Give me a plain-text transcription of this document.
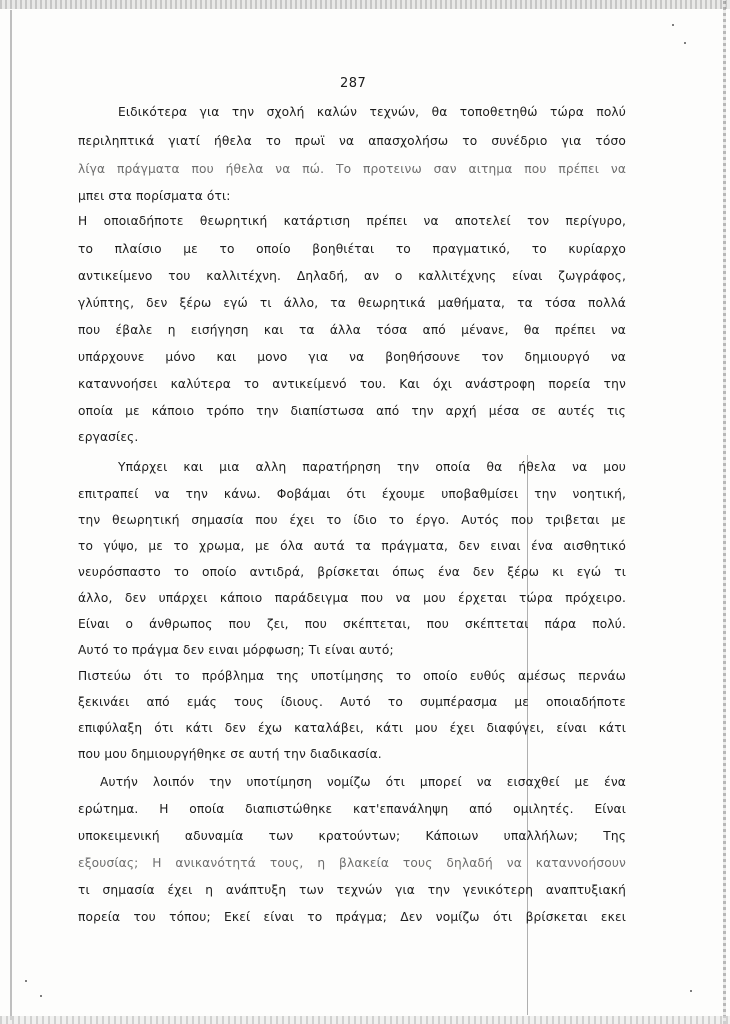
287
Ειδικότερα για την σχολή καλών τεχνών, θα τοποθετηθώ τώρα πολύ
περιληπτικά γιατί ήθελα το πρωϊ να απασχολήσω το συνέδριο για τόσο
λίγα πράγματα που ήθελα να πώ. Το προτεινω σαν αιτημα που πρέπει να
μπει στα πορίσματα ότι:
Η οποιαδήποτε θεωρητική κατάρτιση πρέπει να αποτελεί τον περίγυρο,
το πλαίσιο με το οποίο βοηθιέται το πραγματικό, το κυρίαρχο
αντικείμενο του καλλιτέχνη. Δηλαδή, αν ο καλλιτέχνης είναι ζωγράφος,
γλύπτης, δεν ξέρω εγώ τι άλλο, τα θεωρητικά μαθήματα, τα τόσα πολλά
που έβαλε η εισήγηση και τα άλλα τόσα από μένανε, θα πρέπει να
υπάρχουνε μόνο και μονο για να βοηθήσουνε τον δημιουργό να
καταννοήσει καλύτερα το αντικείμενό του. Και όχι ανάστροφη πορεία την
οποία με κάποιο τρόπο την διαπίστωσα από την αρχή μέσα σε αυτές τις
εργασίες.
Υπάρχει και μια αλλη παρατήρηση την οποία θα ήθελα να μου
επιτραπεί να την κάνω. Φοβάμαι ότι έχουμε υποβαθμίσει την νοητική,
την θεωρητική σημασία που έχει το ίδιο το έργο. Αυτός που τριβεται με
το γύψο, με το χρωμα, με όλα αυτά τα πράγματα, δεν ειναι ένα αισθητικό
νευρόσπαστο το οποίο αντιδρά, βρίσκεται όπως ένα δεν ξέρω κι εγώ τι
άλλο, δεν υπάρχει κάποιο παράδειγμα που να μου έρχεται τώρα πρόχειρο.
Είναι ο άνθρωπος που ζει, που σκέπτεται, που σκέπτεται πάρα πολύ.
Αυτό το πράγμα δεν ειναι μόρφωση; Τι είναι αυτό;
Πιστεύω ότι το πρόβλημα της υποτίμησης το οποίο ευθύς αμέσως περνάω
ξεκινάει από εμάς τους ίδιους. Αυτό το συμπέρασμα με οποιαδήποτε
επιφύλαξη ότι κάτι δεν έχω καταλάβει, κάτι μου έχει διαφύγει, είναι κάτι
που μου δημιουργήθηκε σε αυτή την διαδικασία.
Αυτήν λοιπόν την υποτίμηση νομίζω ότι μπορεί να εισαχθεί με ένα
ερώτημα. Η οποία διαπιστώθηκε κατ'επανάληψη από ομιλητές. Είναι
υποκειμενική αδυναμία των κρατούντων; Κάποιων υπαλλήλων; Της
εξουσίας; Η ανικανότητά τους, η βλακεία τους δηλαδή να καταννοήσουν
τι σημασία έχει η ανάπτυξη των τεχνών για την γενικότερη αναπτυξιακή
πορεία του τόπου; Εκεί είναι το πράγμα; Δεν νομίζω ότι βρίσκεται εκει
